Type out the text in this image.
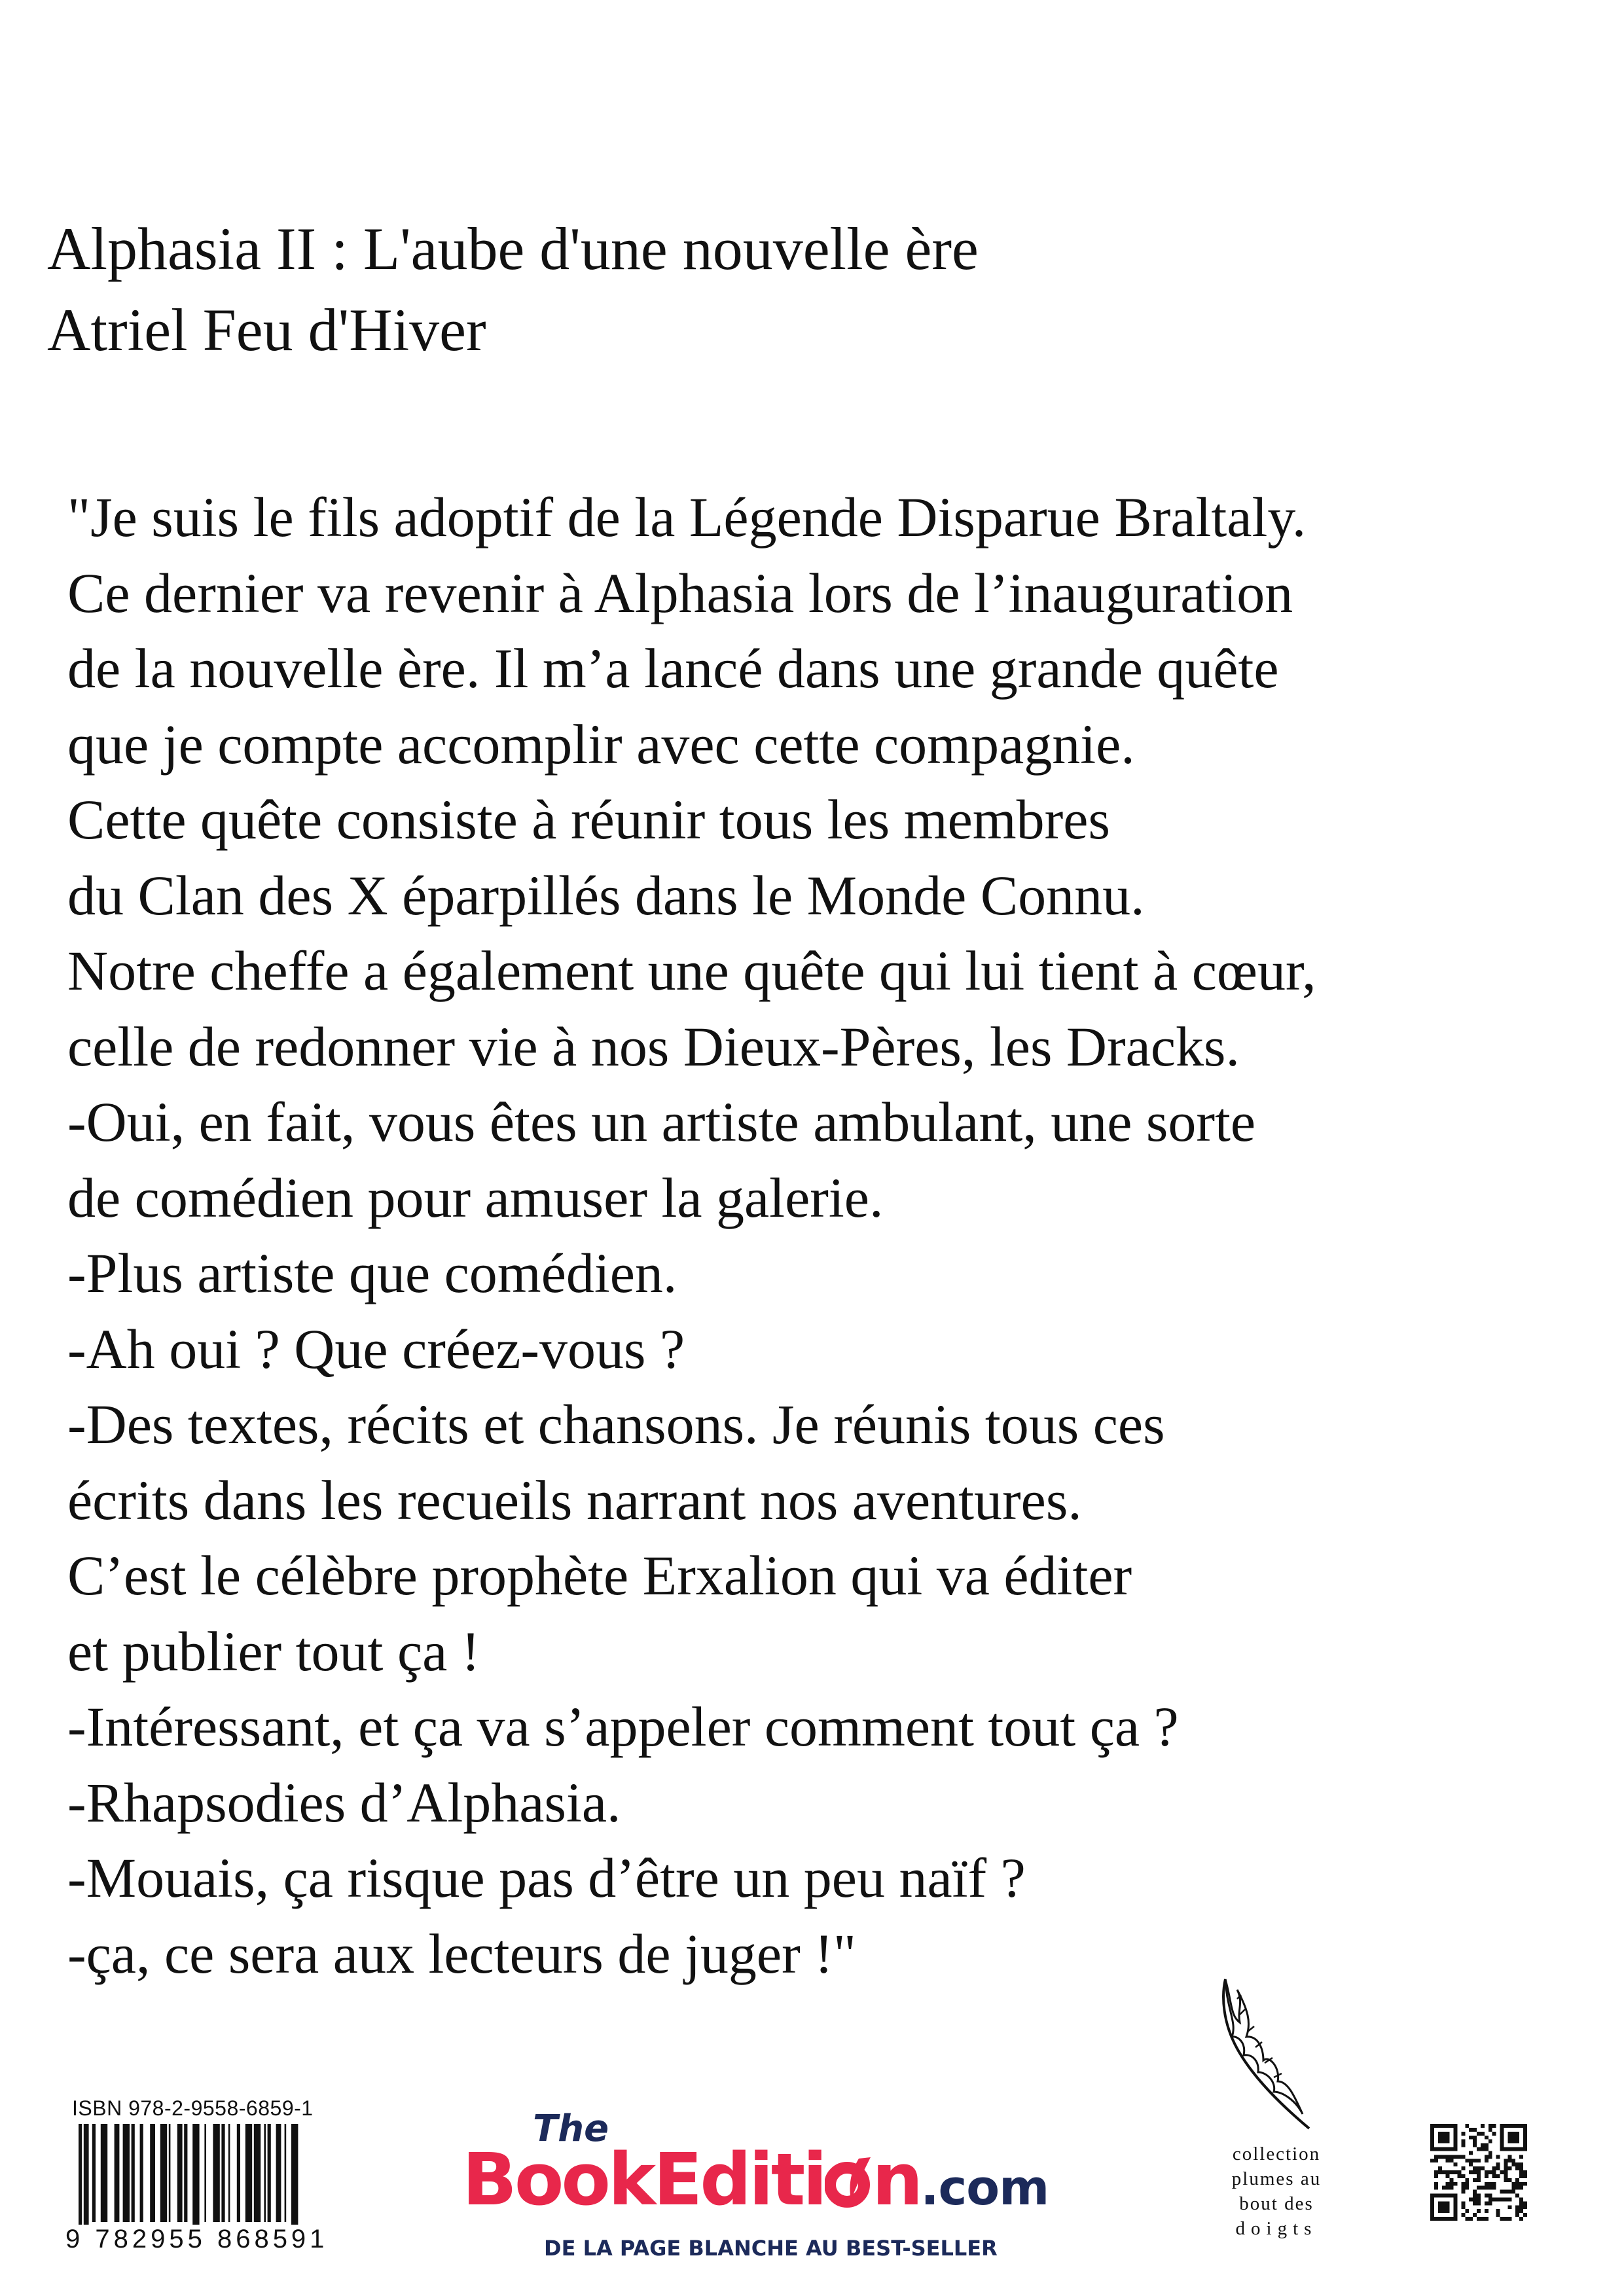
Alphasia II : L'aube d'une nouvelle ère
Atriel Feu d'Hiver
"Je suis le fils adoptif de la Légende Disparue Braltaly.
Ce dernier va revenir à Alphasia lors de l’inauguration
de la nouvelle ère. Il m’a lancé dans une grande quête
que je compte accomplir avec cette compagnie.
Cette quête consiste à réunir tous les membres
du Clan des X éparpillés dans le Monde Connu.
Notre cheffe a également une quête qui lui tient à cœur,
celle de redonner vie à nos Dieux-Pères, les Dracks.
-Oui, en fait, vous êtes un artiste ambulant, une sorte
de comédien pour amuser la galerie.
-Plus artiste que comédien.
-Ah oui ? Que créez-vous ?
-Des textes, récits et chansons. Je réunis tous ces
écrits dans les recueils narrant nos aventures.
C’est le célèbre prophète Erxalion qui va éditer
et publier tout ça !
-Intéressant, et ça va s’appeler comment tout ça ?
-Rhapsodies d’Alphasia.
-Mouais, ça risque pas d’être un peu naïf ?
-ça, ce sera aux lecteurs de juger !"
ISBN 978-2-9558-6859-1
9 782955 868591
The
BookEditi n.com
DE LA PAGE BLANCHE AU BEST-SELLER
collection
plumes au
bout des
doigts
